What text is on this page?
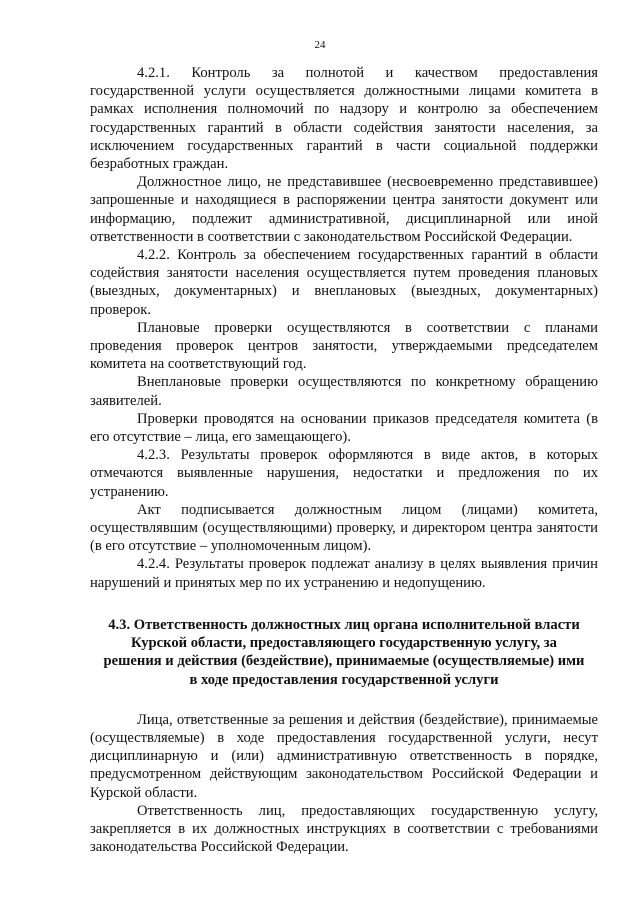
24

4.2.1. Контроль за полнотой и качеством предоставления государственной услуги осуществляется должностными лицами комитета в рамках исполнения полномочий по надзору и контролю за обеспечением государственных гарантий в области содействия занятости населения, за исключением государственных гарантий в части социальной поддержки безработных граждан.

Должностное лицо, не представившее (несвоевременно представившее) запрошенные и находящиеся в распоряжении центра занятости документ или информацию, подлежит административной, дисциплинарной или иной ответственности в соответствии с законодательством Российской Федерации.

4.2.2. Контроль за обеспечением государственных гарантий в области содействия занятости населения осуществляется путем проведения плановых (выездных, документарных) и внеплановых (выездных, документарных) проверок.

Плановые проверки осуществляются в соответствии с планами проведения проверок центров занятости, утверждаемыми председателем комитета на соответствующий год.

Внеплановые проверки осуществляются по конкретному обращению заявителей.

Проверки проводятся на основании приказов председателя комитета (в его отсутствие – лица, его замещающего).

4.2.3. Результаты проверок оформляются в виде актов, в которых отмечаются выявленные нарушения, недостатки и предложения по их устранению.

Акт подписывается должностным лицом (лицами) комитета, осуществлявшим (осуществляющими) проверку, и директором центра занятости (в его отсутствие – уполномоченным лицом).

4.2.4. Результаты проверок подлежат анализу в целях выявления причин нарушений и принятых мер по их устранению и недопущению.

4.3. Ответственность должностных лиц органа исполнительной власти
Курской области, предоставляющего государственную услугу, за
решения и действия (бездействие), принимаемые (осуществляемые) ими
в ходе предоставления государственной услуги

Лица, ответственные за решения и действия (бездействие), принимаемые (осуществляемые) в ходе предоставления государственной услуги, несут дисциплинарную и (или) административную ответственность в порядке, предусмотренном действующим законодательством Российской Федерации и Курской области.

Ответственность лиц, предоставляющих государственную услугу, закрепляется в их должностных инструкциях в соответствии с требованиями законодательства Российской Федерации.
